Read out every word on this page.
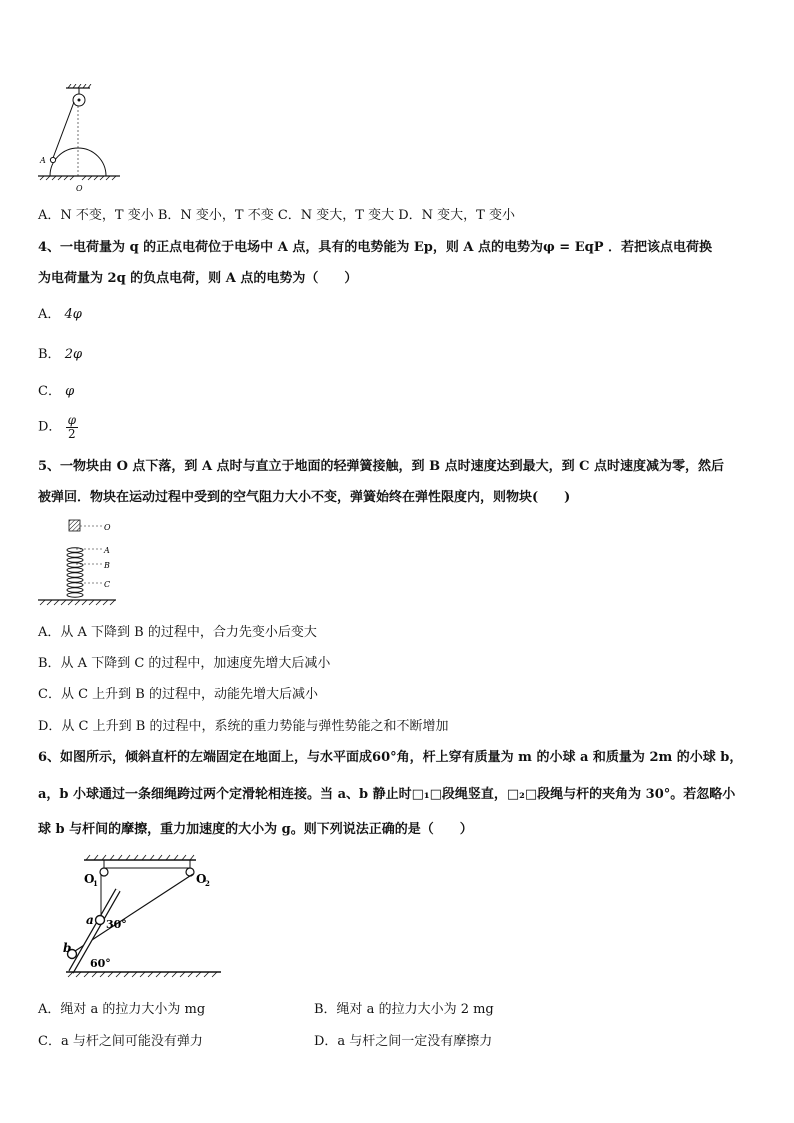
A
O
A．N 不变，T 变小 B．N 变小，T 不变 C．N 变大，T 变大 D．N 变大，T 变小
4、一电荷量为 q 的正点电荷位于电场中 A 点，具有的电势能为 Ep，则 A 点的电势为φ = EqP ．若把该点电荷换
为电荷量为 2q 的负点电荷，则 A 点的电势为（　　）
A． 4φ
B． 2φ
C． φ
D． $\frac{\varphi}{2}$
5、一物块由 O 点下落，到 A 点时与直立于地面的轻弹簧接触，到 B 点时速度达到最大，到 C 点时速度减为零，然后
被弹回．物块在运动过程中受到的空气阻力大小不变，弹簧始终在弹性限度内，则物块(　　)
O
A
B
C
A．从 A 下降到 B 的过程中，合力先变小后变大
B．从 A 下降到 C 的过程中，加速度先增大后减小
C．从 C 上升到 B 的过程中，动能先增大后减小
D．从 C 上升到 B 的过程中，系统的重力势能与弹性势能之和不断增加
6、如图所示，倾斜直杆的左端固定在地面上，与水平面成60°角，杆上穿有质量为 m 的小球 a 和质量为 2m 的小球 b，
a，b 小球通过一条细绳跨过两个定滑轮相连接。当 a、b 静止时□₁□段绳竖直，□₂□段绳与杆的夹角为 30°。若忽略小
球 b 与杆间的摩擦，重力加速度的大小为 g。则下列说法正确的是（　　）
O
1	O
2
a
b
30°
60°
A．绳对 a 的拉力大小为 mg	B．绳对 a 的拉力大小为 2 mg
C．a 与杆之间可能没有弹力	D．a 与杆之间一定没有摩擦力
